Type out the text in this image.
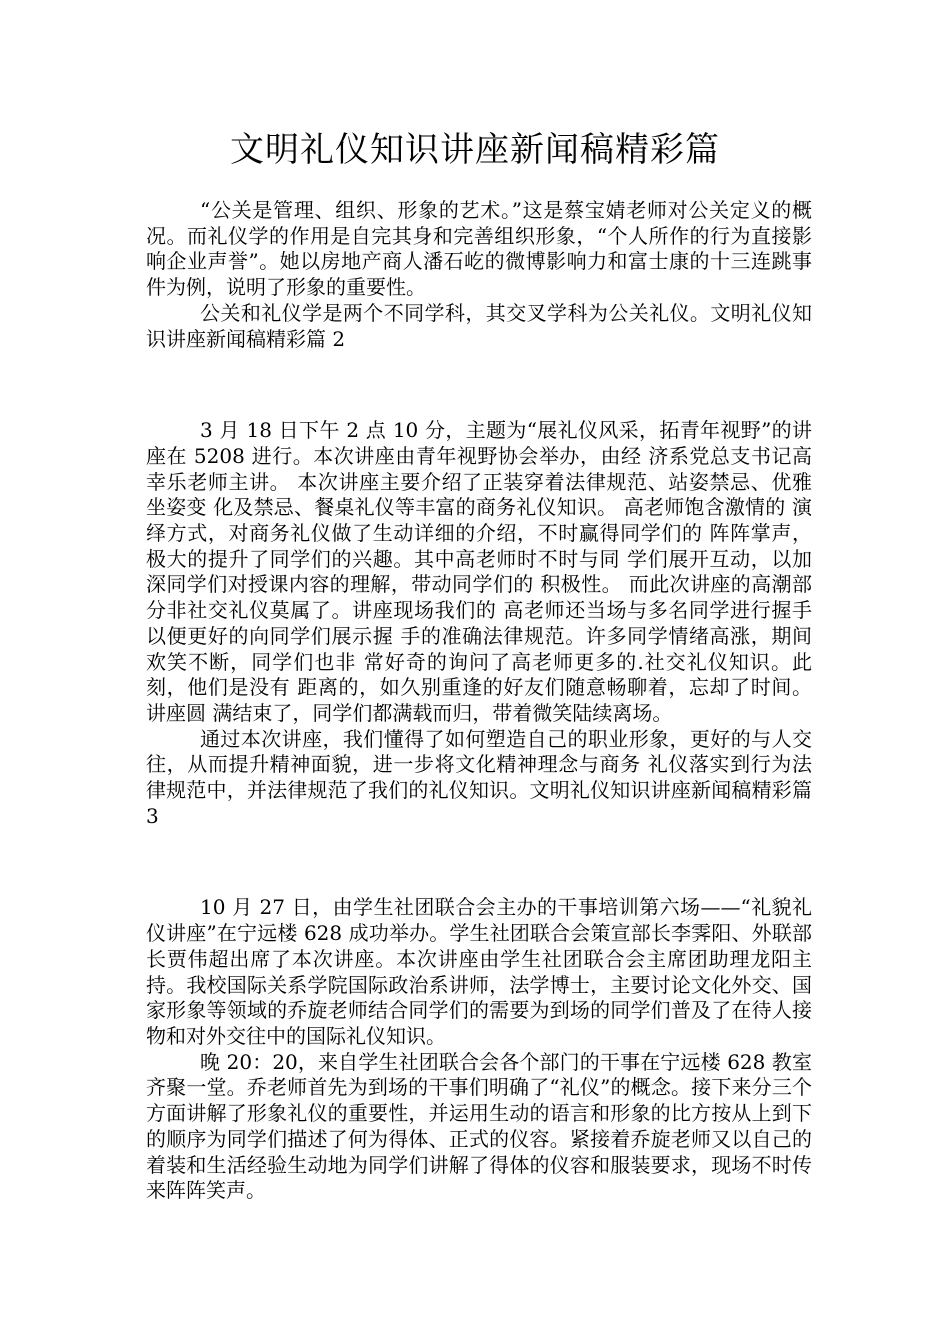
文明礼仪知识讲座新闻稿精彩篇

“公关是管理、组织、形象的艺术。”这是蔡宝婧老师对公关定义的概况。而礼仪学的作用是自完其身和完善组织形象，“个人所作的行为直接影响企业声誉”。她以房地产商人潘石屹的微博影响力和富士康的十三连跳事件为例，说明了形象的重要性。

公关和礼仪学是两个不同学科，其交叉学科为公关礼仪。文明礼仪知识讲座新闻稿精彩篇 2

3 月 18 日下午 2 点 10 分，主题为“展礼仪风采，拓青年视野”的讲座在 5208 进行。本次讲座由青年视野协会举办，由经 济系党总支书记高幸乐老师主讲。 本次讲座主要介绍了正装穿着法律规范、站姿禁忌、优雅坐姿变 化及禁忌、餐桌礼仪等丰富的商务礼仪知识。 高老师饱含激情的 演绎方式，对商务礼仪做了生动详细的介绍，不时赢得同学们的 阵阵掌声，极大的提升了同学们的兴趣。其中高老师时不时与同 学们展开互动，以加深同学们对授课内容的理解，带动同学们的 积极性。 而此次讲座的高潮部分非社交礼仪莫属了。讲座现场我们的 高老师还当场与多名同学进行握手以便更好的向同学们展示握 手的准确法律规范。许多同学情绪高涨，期间欢笑不断，同学们也非 常好奇的询问了高老师更多的.社交礼仪知识。此刻，他们是没有 距离的，如久别重逢的好友们随意畅聊着，忘却了时间。讲座圆 满结束了，同学们都满载而归，带着微笑陆续离场。

通过本次讲座，我们懂得了如何塑造自己的职业形象，更好的与人交往，从而提升精神面貌，进一步将文化精神理念与商务 礼仪落实到行为法律规范中，并法律规范了我们的礼仪知识。文明礼仪知识讲座新闻稿精彩篇 3

10 月 27 日，由学生社团联合会主办的干事培训第六场——“礼貌礼仪讲座”在宁远楼 628 成功举办。学生社团联合会策宣部长李霁阳、外联部长贾伟超出席了本次讲座。本次讲座由学生社团联合会主席团助理龙阳主持。我校国际关系学院国际政治系讲师，法学博士，主要讨论文化外交、国家形象等领域的乔旋老师结合同学们的需要为到场的同学们普及了在待人接物和对外交往中的国际礼仪知识。

晚 20：20，来自学生社团联合会各个部门的干事在宁远楼 628 教室齐聚一堂。乔老师首先为到场的干事们明确了“礼仪”的概念。接下来分三个方面讲解了形象礼仪的重要性，并运用生动的语言和形象的比方按从上到下的顺序为同学们描述了何为得体、正式的仪容。紧接着乔旋老师又以自己的着装和生活经验生动地为同学们讲解了得体的仪容和服装要求，现场不时传来阵阵笑声。
